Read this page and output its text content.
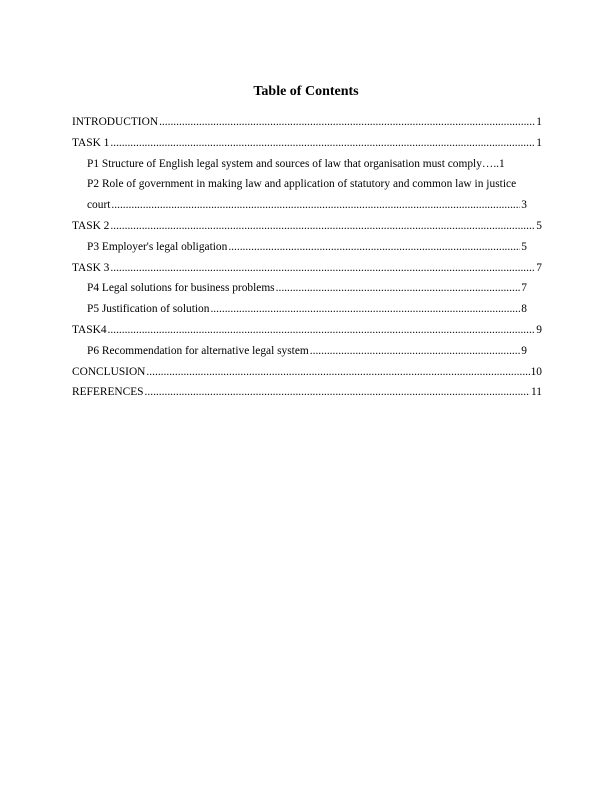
Table of Contents
INTRODUCTION .....	1
TASK 1 .....	1
P1 Structure of English legal system and sources of law that organisation must comply ….. 1
P2 Role of government in making law and application of statutory and common law in justice
court .....	3
TASK 2 .....	5
P3 Employer's legal obligation .....	5
TASK 3 .....	7
P4 Legal solutions for business problems .....	7
P5 Justification of solution .....	8
TASK4 .....	9
P6 Recommendation for alternative legal system .....	9
CONCLUSION .....	10
REFERENCES .....	11
